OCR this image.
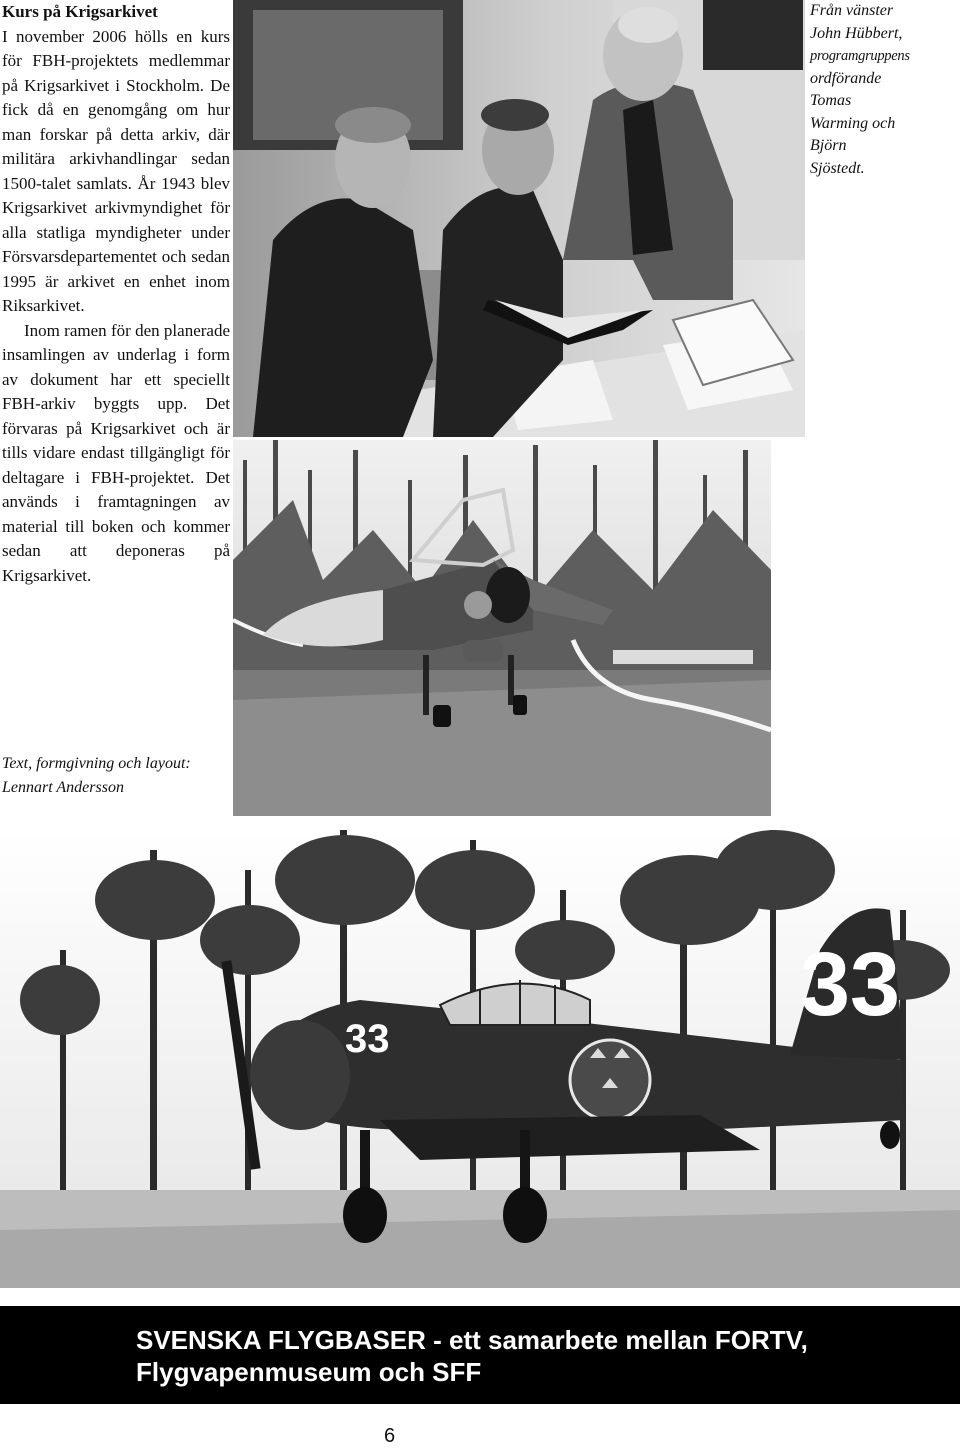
Kurs på Krigsarkivet

I november 2006 hölls en kurs för FBH-projektets medlemmar på Krigsarkivet i Stockholm. De fick då en genomgång om hur man forskar på detta arkiv, där militära arkivhandlingar sedan 1500-talet samlats. År 1943 blev Krigsarkivet arkivmyndighet för alla statliga myndigheter under Försvarsdepartementet och sedan 1995 är arkivet en enhet inom Riksarkivet.

Inom ramen för den planerade insamlingen av underlag i form av dokument har ett speciellt FBH-arkiv byggts upp. Det förvaras på Krigsarkivet och är tills vidare endast tillgängligt för deltagare i FBH-projektet. Det används i framtagningen av material till boken och kommer sedan att deponeras på Krigsarkivet.

Text, formgivning och layout:
Lennart Andersson
Från vänster
John Hübbert,
programgruppens
ordförande
Tomas
Warming och
Björn
Sjöstedt.
33
33
SVENSKA FLYGBASER - ett samarbete mellan FORTV,
Flygvapenmuseum och SFF
6
